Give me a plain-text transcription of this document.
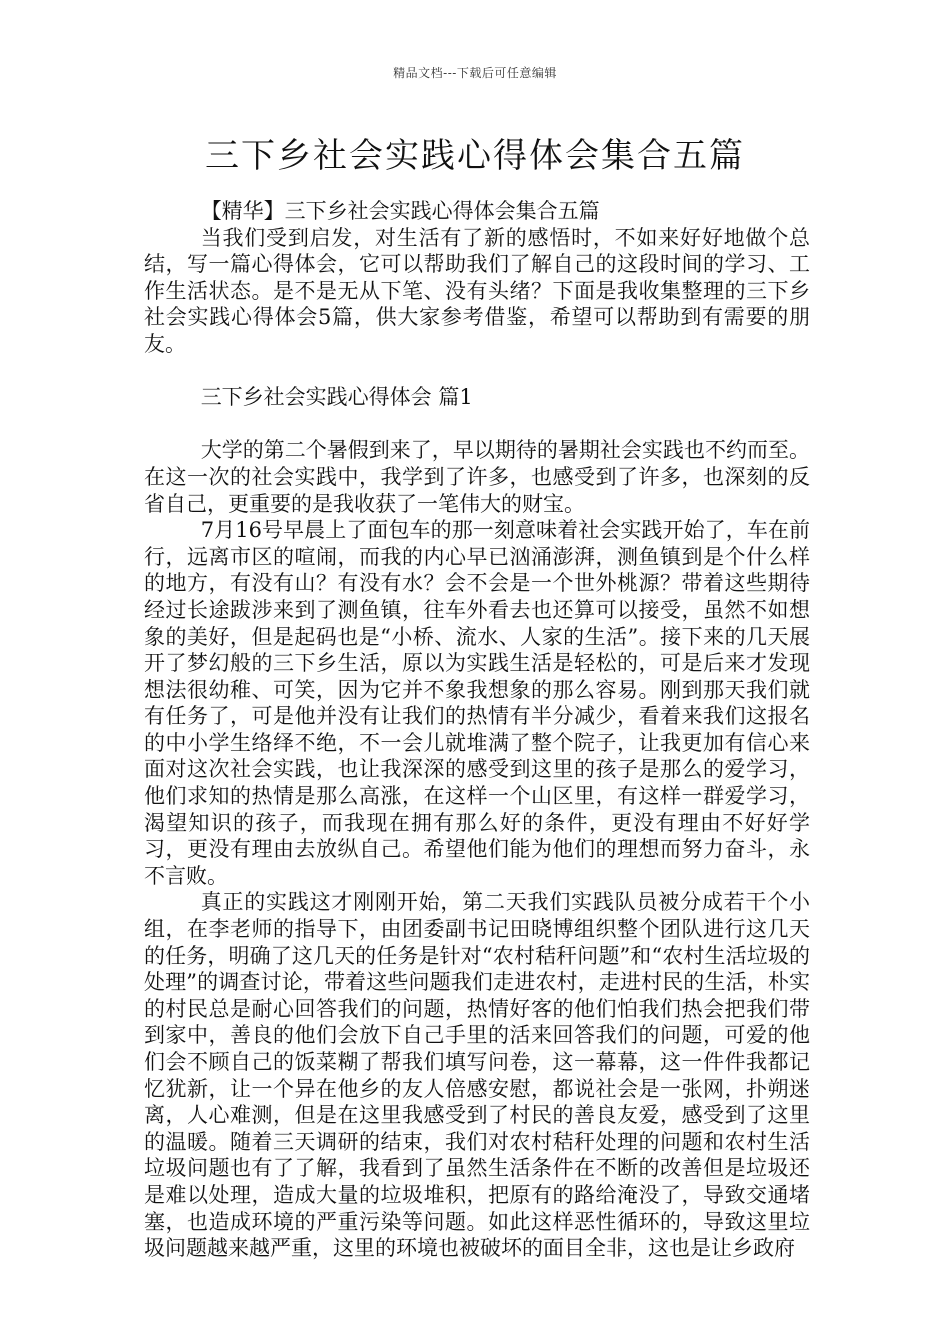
精品文档---下载后可任意编辑
三下乡社会实践心得体会集合五篇

【精华】三下乡社会实践心得体会集合五篇

当我们受到启发，对生活有了新的感悟时，不如来好好地做个总结，写一篇心得体会，它可以帮助我们了解自己的这段时间的学习、工作生活状态。是不是无从下笔、没有头绪？下面是我收集整理的三下乡社会实践心得体会5篇，供大家参考借鉴，希望可以帮助到有需要的朋友。

三下乡社会实践心得体会 篇1

大学的第二个暑假到来了，早以期待的暑期社会实践也不约而至。在这一次的社会实践中，我学到了许多，也感受到了许多，也深刻的反省自己，更重要的是我收获了一笔伟大的财宝。

7月16号早晨上了面包车的那一刻意味着社会实践开始了，车在前行，远离市区的喧闹，而我的内心早已汹涌澎湃，测鱼镇到是个什么样的地方，有没有山？有没有水？会不会是一个世外桃源？带着这些期待经过长途跋涉来到了测鱼镇，往车外看去也还算可以接受，虽然不如想象的美好，但是起码也是“小桥、流水、人家的生活”。接下来的几天展开了梦幻般的三下乡生活，原以为实践生活是轻松的，可是后来才发现想法很幼稚、可笑，因为它并不象我想象的那么容易。刚到那天我们就有任务了，可是他并没有让我们的热情有半分减少，看着来我们这报名的中小学生络绎不绝，不一会儿就堆满了整个院子，让我更加有信心来面对这次社会实践，也让我深深的感受到这里的孩子是那么的爱学习，他们求知的热情是那么高涨，在这样一个山区里，有这样一群爱学习，渴望知识的孩子，而我现在拥有那么好的条件，更没有理由不好好学习，更没有理由去放纵自己。希望他们能为他们的理想而努力奋斗，永不言败。

真正的实践这才刚刚开始，第二天我们实践队员被分成若干个小组，在李老师的指导下，由团委副书记田晓博组织整个团队进行这几天的任务，明确了这几天的任务是针对“农村秸秆问题”和“农村生活垃圾的处理”的调查讨论，带着这些问题我们走进农村，走进村民的生活，朴实的村民总是耐心回答我们的问题，热情好客的他们怕我们热会把我们带到家中，善良的他们会放下自己手里的活来回答我们的问题，可爱的他们会不顾自己的饭菜糊了帮我们填写问卷，这一幕幕，这一件件我都记忆犹新，让一个异在他乡的友人倍感安慰，都说社会是一张网，扑朔迷离，人心难测，但是在这里我感受到了村民的善良友爱，感受到了这里的温暖。随着三天调研的结束，我们对农村秸秆处理的问题和农村生活垃圾问题也有了了解，我看到了虽然生活条件在不断的改善但是垃圾还是难以处理，造成大量的垃圾堆积，把原有的路给淹没了，导致交通堵塞，也造成环境的严重污染等问题。如此这样恶性循环的，导致这里垃圾问题越来越严重，这里的环境也被破坏的面目全非，这也是让乡政府
